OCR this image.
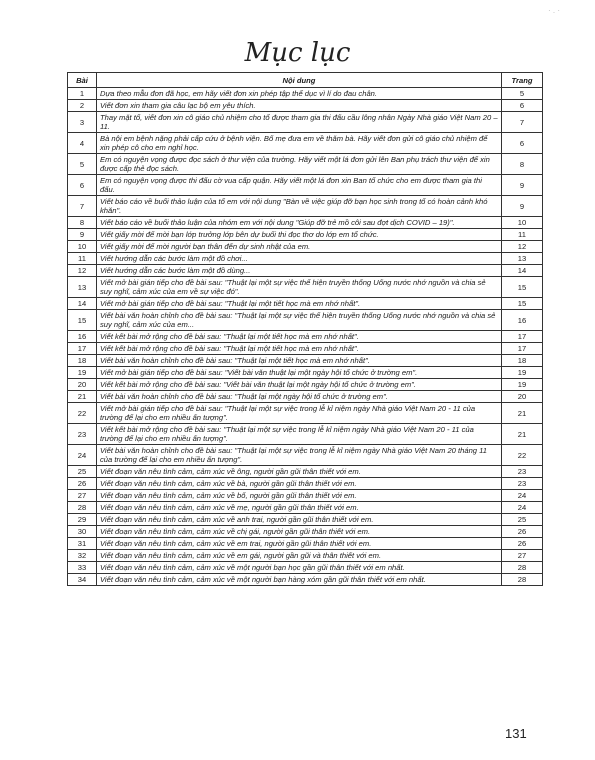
· . ·
Mục lục
Bài	Nội dung	Trang
1	Dựa theo mẫu đơn đã học, em hãy viết đơn xin phép tập thể dục vì lí do đau chân.	5
2	Viết đơn xin tham gia câu lạc bộ em yêu thích.	6
3	Thay mặt tổ, viết đơn xin cô giáo chủ nhiệm cho tổ được tham gia thi đấu cầu lông nhân Ngày Nhà giáo Việt Nam 20 – 11.	7
4	Bà nội em bệnh nặng phải cấp cứu ở bệnh viện. Bố mẹ đưa em về thăm bà. Hãy viết đơn gửi cô giáo chủ nhiệm để xin phép cô cho em nghỉ học.	6
5	Em có nguyện vọng được đọc sách ở thư viện của trường. Hãy viết một lá đơn gửi lên Ban phụ trách thư viện để xin được cấp thẻ đọc sách.	8
6	Em có nguyện vọng được thi đấu cờ vua cấp quận. Hãy viết một lá đơn xin Ban tổ chức cho em được tham gia thi đấu.	9
7	Viết báo cáo về buổi thảo luận của tổ em với nội dung "Bàn về việc giúp đỡ bạn học sinh trong tổ có hoàn cảnh khó khăn".	9
8	Viết báo cáo về buổi thảo luận của nhóm em với nội dung "Giúp đỡ trẻ mồ côi sau đợt dịch COVID – 19)".	10
9	Viết giấy mời để mời bạn lớp trưởng lớp bên dự buổi thi đọc thơ do lớp em tổ chức.	11
10	Viết giấy mời để mời người bạn thân đến dự sinh nhật của em.	12
11	Viết hướng dẫn các bước làm một đồ chơi...	13
12	Viết hướng dẫn các bước làm một đồ dùng...	14
13	Viết mở bài gián tiếp cho đề bài sau: "Thuật lại một sự việc thể hiện truyền thống Uống nước nhớ nguồn và chia sẻ suy nghĩ, cảm xúc của em về sự việc đó".	15
14	Viết mở bài gián tiếp cho đề bài sau: "Thuật lại một tiết học mà em nhớ nhất".	15
15	Viết bài văn hoàn chỉnh cho đề bài sau: "Thuật lại một sự việc thể hiện truyền thống Uống nước nhớ nguồn và chia sẻ suy nghĩ, cảm xúc của em...	16
16	Viết kết bài mở rộng cho đề bài sau: "Thuật lại một tiết học mà em nhớ nhất".	17
17	Viết kết bài mở rộng cho đề bài sau: "Thuật lại một tiết học mà em nhớ nhất".	17
18	Viết bài văn hoàn chỉnh cho đề bài sau: "Thuật lại một tiết học mà em nhớ nhất".	18
19	Viết mở bài gián tiếp cho đề bài sau: "Viết bài văn thuật lại một ngày hội tổ chức ở trường em".	19
20	Viết kết bài mở rộng cho đề bài sau: "Viết bài văn thuật lại một ngày hội tổ chức ở trường em".	19
21	Viết bài văn hoàn chỉnh cho đề bài sau: "Thuật lại một ngày hội tổ chức ở trường em".	20
22	Viết mở bài gián tiếp cho đề bài sau: "Thuật lại một sự việc trong lễ kỉ niệm ngày Nhà giáo Việt Nam 20 - 11 của trường để lại cho em nhiều ấn tượng".	21
23	Viết kết bài mở rộng cho đề bài sau: "Thuật lại một sự việc trong lễ kỉ niệm ngày Nhà giáo Việt Nam 20 - 11 của trường để lại cho em nhiều ấn tượng".	21
24	Viết bài văn hoàn chỉnh cho đề bài sau: "Thuật lại một sự việc trong lễ kỉ niệm ngày Nhà giáo Việt Nam 20 tháng 11 của trường để lại cho em nhiều ấn tượng".	22
25	Viết đoạn văn nêu tình cảm, cảm xúc về ông, người gần gũi thân thiết với em.	23
26	Viết đoạn văn nêu tình cảm, cảm xúc về bà, người gần gũi thân thiết với em.	23
27	Viết đoạn văn nêu tình cảm, cảm xúc về bố, người gần gũi thân thiết với em.	24
28	Viết đoạn văn nêu tình cảm, cảm xúc về mẹ, người gần gũi thân thiết với em.	24
29	Viết đoạn văn nêu tình cảm, cảm xúc về anh trai, người gần gũi thân thiết với em.	25
30	Viết đoạn văn nêu tình cảm, cảm xúc về chị gái, người gần gũi thân thiết với em.	26
31	Viết đoạn văn nêu tình cảm, cảm xúc về em trai, người gần gũi thân thiết với em.	26
32	Viết đoạn văn nêu tình cảm, cảm xúc về em gái, người gần gũi và thân thiết với em.	27
33	Viết đoạn văn nêu tình cảm, cảm xúc về một người bạn học gần gũi thân thiết với em nhất.	28
34	Viết đoạn văn nêu tình cảm, cảm xúc về một người bạn hàng xóm gần gũi thân thiết với em nhất.	28
131
